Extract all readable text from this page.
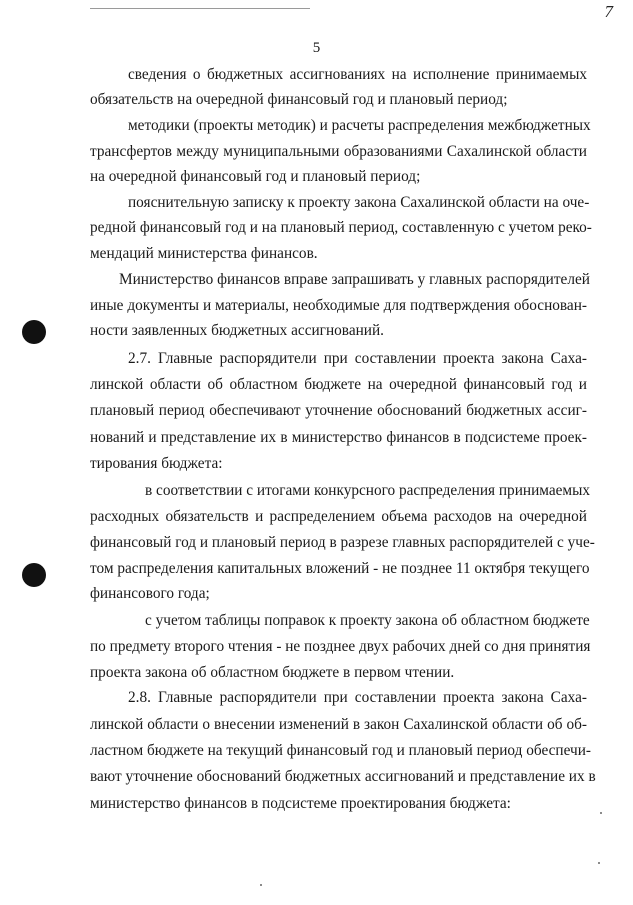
7
5
сведения о бюджетных ассигнованиях на исполнение принимаемых
обязательств на очередной финансовый год и плановый период;
методики (проекты методик) и расчеты распределения межбюджетных
трансфертов между муниципальными образованиями Сахалинской области
на очередной финансовый год и плановый период;
пояснительную записку к проекту закона Сахалинской области на оче-
редной финансовый год и на плановый период, составленную с учетом реко-
мендаций министерства финансов.
Министерство финансов вправе запрашивать у главных распорядителей
иные документы и материалы, необходимые для подтверждения обоснован-
ности заявленных бюджетных ассигнований.
2.7. Главные распорядители при составлении проекта закона Саха-
линской области об областном бюджете на очередной финансовый год и
плановый период обеспечивают уточнение обоснований бюджетных ассиг-
нований и представление их в министерство финансов в подсистеме проек-
тирования бюджета:
в соответствии с итогами конкурсного распределения принимаемых
расходных обязательств и распределением объема расходов на очередной
финансовый год и плановый период в разрезе главных распорядителей с уче-
том распределения капитальных вложений - не позднее 11 октября текущего
финансового года;
с учетом таблицы поправок к проекту закона об областном бюджете
по предмету второго чтения - не позднее двух рабочих дней со дня принятия
проекта закона об областном бюджете в первом чтении.
2.8. Главные распорядители при составлении проекта закона Саха-
линской области о внесении изменений в закон Сахалинской области об об-
ластном бюджете на текущий финансовый год и плановый период обеспечи-
вают уточнение обоснований бюджетных ассигнований и представление их в
министерство финансов в подсистеме проектирования бюджета:
